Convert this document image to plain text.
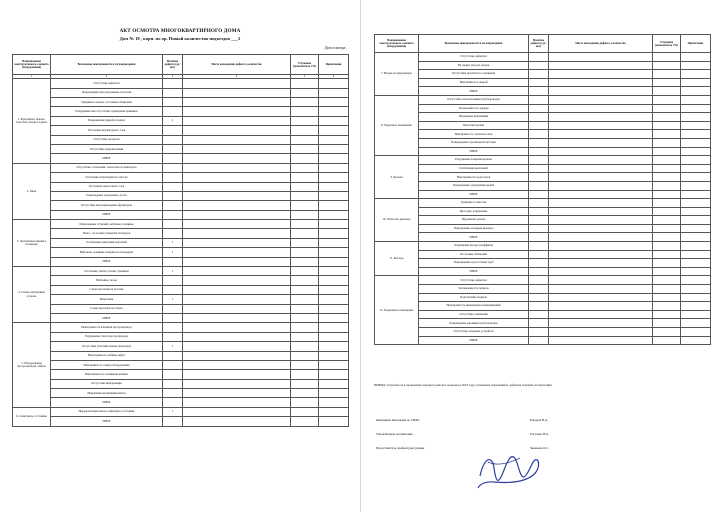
АКТ ОСМОТРА МНОГОКВАРТИРНОГО ДОМА
Дом № 18 , корп. по ор. Новый количество подъездов ___2
Дата осмотра:
Наименование конструктивного элемента (оборудования)	Возможные неисправности и их повреждения	Наличие дефекта (да / нет)	Место нахождения дефекта, количество	Устранено (исполнитель УО)	Примечание
1	2	3	4	5	6
1. Фундамент, цоколь, отмостка, входы в подвал	Отсутствие дефектов				
	Повреждение или разрушение отмостки				
	Трещины в цоколе, отслоение облицовки				
	Разрушение или отсутствие ограждения приямков				
	Повреждение дверей в подвал	2			
	Отслоение штукатурного слоя				
	Отсутствие продухов				
	Отсутствие гидроизоляции				
	ИНОЕ				
2. Окна	Отсутствие остекления / неплотность притворов				
	Отслоение штукатурки на откосах				
	Отслоение окрасочного слоя				
	Повреждение подоконных досок				
	Отсутствие или повреждение фурнитуры				
	ИНОЕ				
3. Лестничные марши и площадки	Повреждение ступеней, выбоины, трещины				
	Износ, отслоение покрытия площадок				
	Ослабление крепления поручней	1			
	Выбоины, трещины в маршах и площадках	1			
	ИНОЕ				
4. Стены, внутренняя отделка	Отслоение, пятна, потеки, трещины	1			
	Выбоины, сколы				
	Следы протечки на потолке				
	Вандализм	1			
	Следы протечки на стенах				
	ИНОЕ				
5. Оборудование мусоропровода, лифты	Неисправность клапанов мусоропровода				
	Разрушение ствола мусоропровода				
	Отсутствие уплотнительных прокладок	1			
	Неисправность кабины лифта				
	Неисправность электрооборудования				
	Неисправность освещения кабины				
	Отсутствие информации				
	Нарушение вентиляции шахты				
	ИНОЕ				
6. Санитарное состояние	Неудовлетворительное санитарное состояние	1			
	ИНОЕ				
Наименование конструктивного элемента (оборудования)	Возможные неисправности и их повреждения	Наличие дефекта (да / нет)	Место нахождения дефекта, количество	Устранено (исполнитель УО)	Примечание
7. Входы на придомовую	Отсутствие дефектов				
	Не закрыт вход на чердак				
	Отсутствие проектного освещения				
	Неисправность дверей				
	ИНОЕ				
8. Чердачное помещение	Отсутствие теплоизоляции трубопроводов				
	Захламленность чердака				
	Нарушение вентиляции				
	Протечки кровли				
	Неисправность слуховых окон				
	Повреждение стропильной системы				
	ИНОЕ				
9. Кровля	Разрушение покрытия кровли				
	Ослабление креплений				
	Неисправность водостоков				
	Повреждение ограждения кровли				
	ИНОЕ				
10. Отмостка, крыльцо	Трещины в отмостке				
	Просадка, разрушение				
	Нарушение уклона				
	Повреждение козырька крыльца				
	ИНОЕ				
11. Фасады	Загрязнение фасада (граффити)				
	Отслоение облицовки				
	Повреждение водосточных труб				
	ИНОЕ				
12. Подвальное помещение	Отсутствие дефектов				
	Захламленность подвала				
	Подтопление подвала				
	Неисправность инженерных коммуникаций				
	Отсутствие освещения				
	Повреждение изоляции трубопроводов				
	Отсутствие запорных устройств				
	ИНОЕ				
ВЫВОД: потребность в проведении текущего ремонта подъезда в 2023 году устранение нарушений и дефектов текущей эксплуатации
Жилищная инспекция по СВАО	Бондаев Н.Д.
Управляющая организация	Рогачева Н.А.
Представитель префектуры/управы	Звонкова О.С.
